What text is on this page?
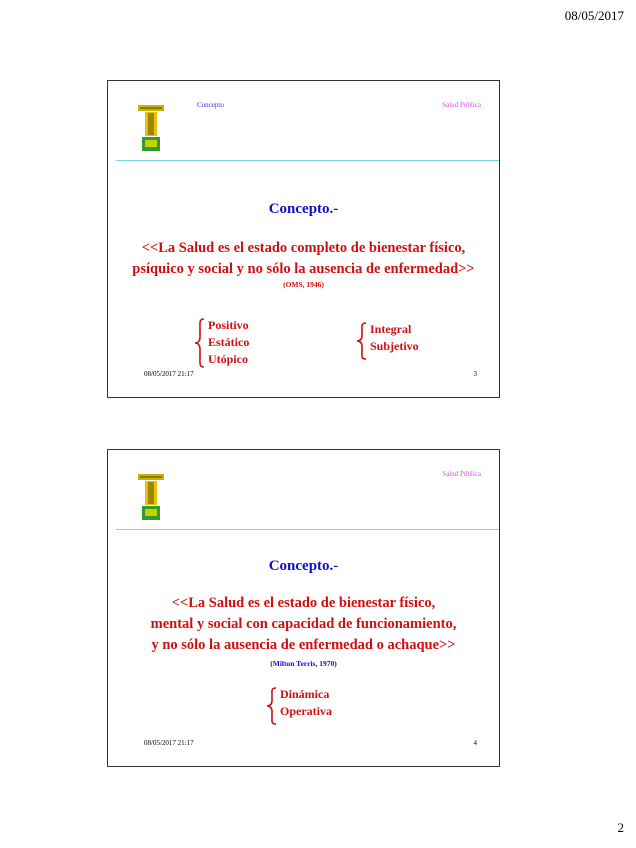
08/05/2017
Concepto	Salud Pública
Concepto.-
<<La Salud es el estado completo de bienestar físico,
psíquico y social y no sólo la ausencia de enfermedad>>
(OMS, 1946)
Positivo
Estático
Utópico
Integral
Subjetivo
08/05/2017 21:17	3
Salud Pública
Concepto.-
<<La Salud es el estado de bienestar físico,
mental y social con capacidad de funcionamiento,
y no sólo la ausencia de enfermedad o achaque>>
(Milton Terris, 1970)
Dinámica
Operativa
08/05/2017 21:17	4
2
